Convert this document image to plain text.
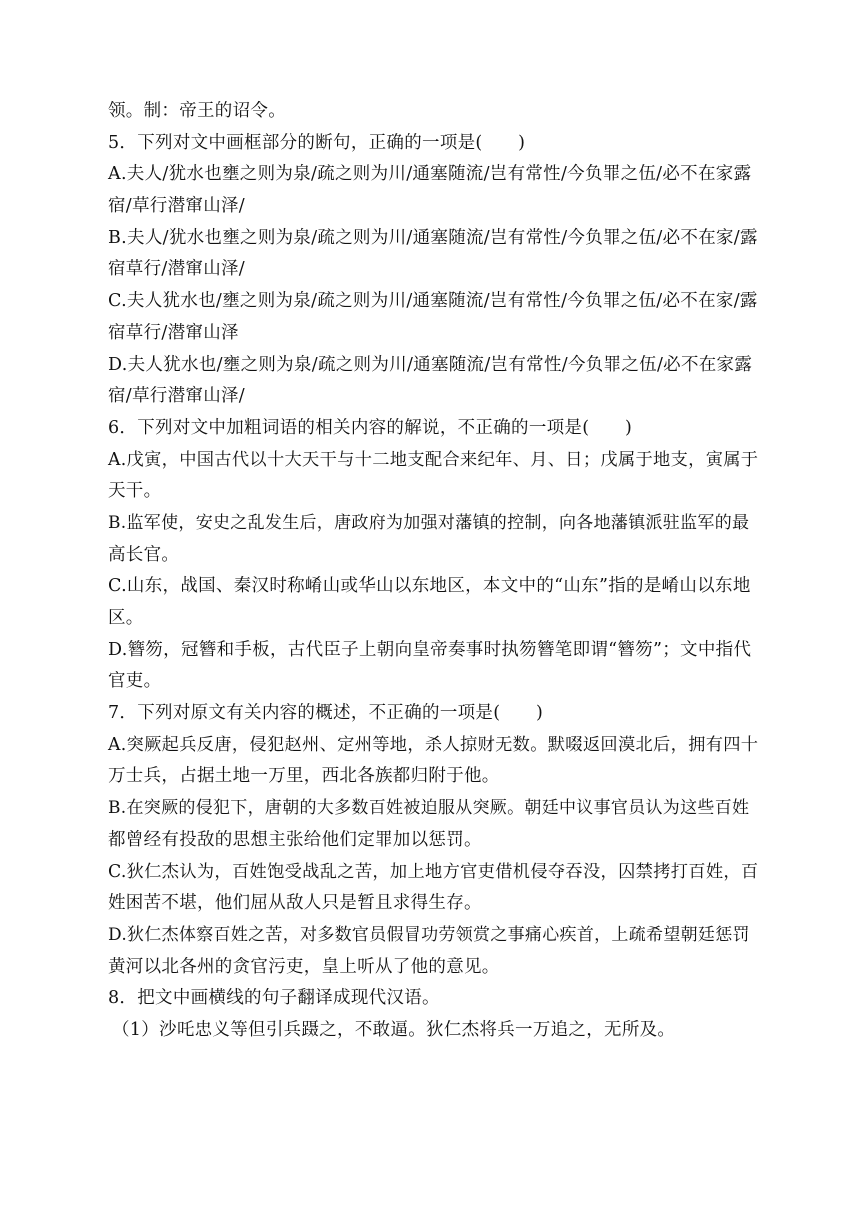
领。制：帝王的诏令。
5．下列对文中画框部分的断句，正确的一项是(　　)
A.夫人/犹水也壅之则为泉/疏之则为川/通塞随流/岂有常性/今负罪之伍/必不在家露
宿/草行潜窜山泽/
B.夫人/犹水也壅之则为泉/疏之则为川/通塞随流/岂有常性/今负罪之伍/必不在家/露
宿草行/潜窜山泽/
C.夫人犹水也/壅之则为泉/疏之则为川/通塞随流/岂有常性/今负罪之伍/必不在家/露
宿草行/潜窜山泽
D.夫人犹水也/壅之则为泉/疏之则为川/通塞随流/岂有常性/今负罪之伍/必不在家露
宿/草行潜窜山泽/
6．下列对文中加粗词语的相关内容的解说，不正确的一项是(　　)
A.戊寅，中国古代以十大天干与十二地支配合来纪年、月、日；戊属于地支，寅属于
天干。
B.监军使，安史之乱发生后，唐政府为加强对藩镇的控制，向各地藩镇派驻监军的最
高长官。
C.山东，战国、秦汉时称崤山或华山以东地区，本文中的“山东”指的是崤山以东地
区。
D.簪笏，冠簪和手板，古代臣子上朝向皇帝奏事时执笏簪笔即谓“簪笏”；文中指代
官吏。
7．下列对原文有关内容的概述，不正确的一项是(　　)
A.突厥起兵反唐，侵犯赵州、定州等地，杀人掠财无数。默啜返回漠北后，拥有四十
万士兵，占据土地一万里，西北各族都归附于他。
B.在突厥的侵犯下，唐朝的大多数百姓被迫服从突厥。朝廷中议事官员认为这些百姓
都曾经有投敌的思想主张给他们定罪加以惩罚。
C.狄仁杰认为，百姓饱受战乱之苦，加上地方官吏借机侵夺吞没，囚禁拷打百姓，百
姓困苦不堪，他们屈从敌人只是暂且求得生存。
D.狄仁杰体察百姓之苦，对多数官员假冒功劳领赏之事痛心疾首，上疏希望朝廷惩罚
黄河以北各州的贪官污吏，皇上听从了他的意见。
8．把文中画横线的句子翻译成现代汉语。
（1）沙吒忠义等但引兵蹑之，不敢逼。狄仁杰将兵一万追之，无所及。
